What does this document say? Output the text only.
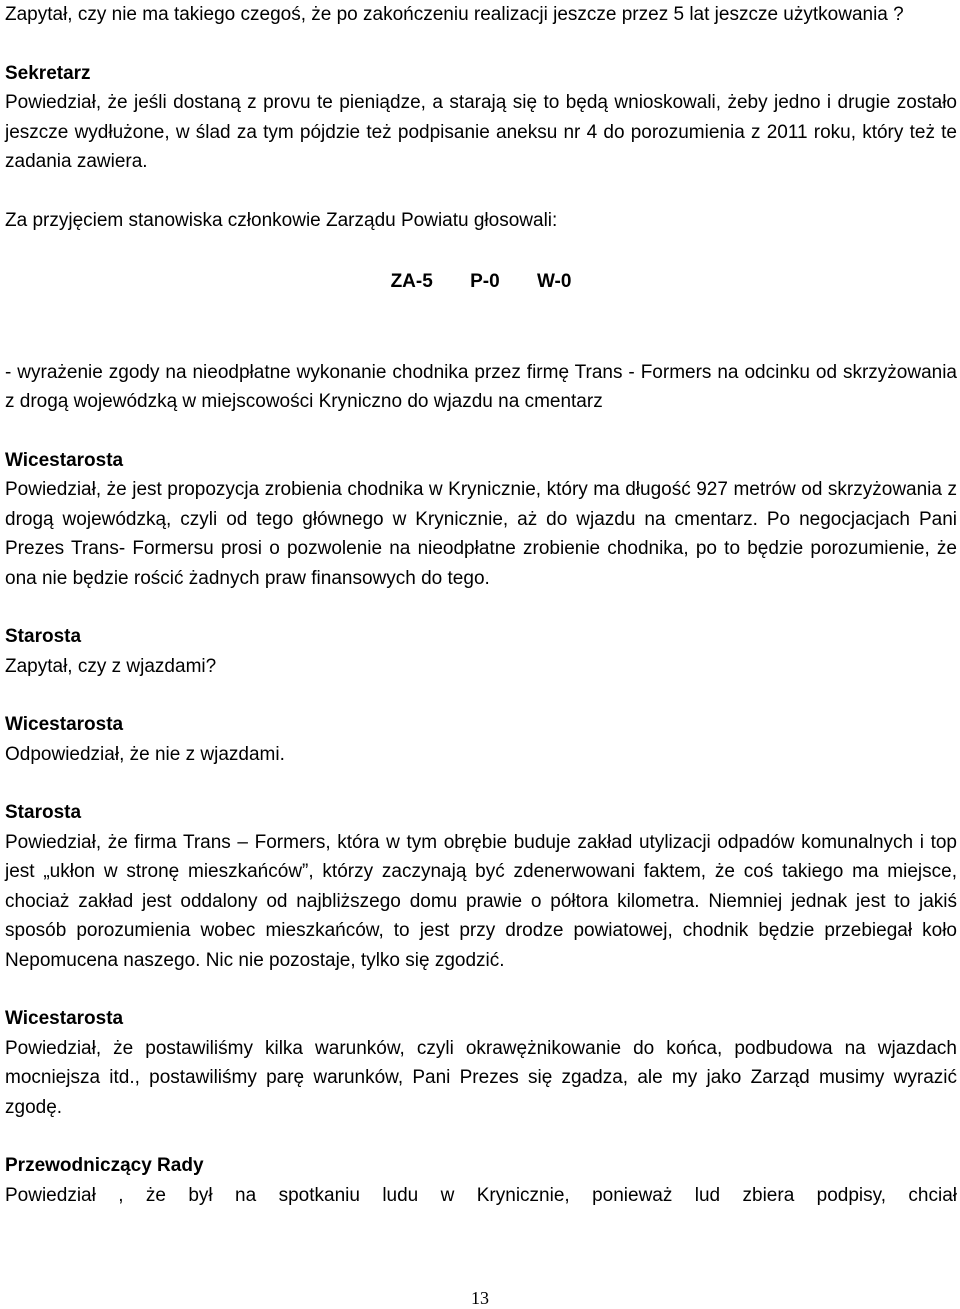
Zapytał, czy nie ma takiego czegoś, że po zakończeniu realizacji jeszcze przez 5 lat jeszcze użytkowania ?

Sekretarz

Powiedział, że jeśli dostaną z provu te pieniądze, a starają się to będą wnioskowali, żeby jedno i drugie zostało jeszcze wydłużone, w ślad za tym pójdzie też podpisanie aneksu nr 4 do porozumienia z 2011 roku, który też te zadania zawiera.

Za przyjęciem stanowiska członkowie Zarządu Powiatu głosowali:

ZA-5 P-0 W-0

- wyrażenie zgody na nieodpłatne wykonanie chodnika przez firmę Trans - Formers na odcinku od skrzyżowania z drogą wojewódzką w miejscowości Kryniczno do wjazdu na cmentarz

Wicestarosta

Powiedział, że jest propozycja zrobienia chodnika w Krynicznie, który ma długość 927 metrów od skrzyżowania z drogą wojewódzką, czyli od tego głównego w Krynicznie, aż do wjazdu na cmentarz. Po negocjacjach Pani Prezes Trans- Formersu prosi o pozwolenie na nieodpłatne zrobienie chodnika, po to będzie porozumienie, że ona nie będzie rościć żadnych praw finansowych do tego.

Starosta

Zapytał, czy z wjazdami?

Wicestarosta

Odpowiedział, że nie z wjazdami.

Starosta

Powiedział, że firma Trans – Formers, która w tym obrębie buduje zakład utylizacji odpadów komunalnych i top jest „ukłon w stronę mieszkańców”, którzy zaczynają być zdenerwowani faktem, że coś takiego ma miejsce, chociaż zakład jest oddalony od najbliższego domu prawie o półtora kilometra. Niemniej jednak jest to jakiś sposób porozumienia wobec mieszkańców, to jest przy drodze powiatowej, chodnik będzie przebiegał koło Nepomucena naszego. Nic nie pozostaje, tylko się zgodzić.

Wicestarosta

Powiedział, że postawiliśmy kilka warunków, czyli okrawężnikowanie do końca, podbudowa na wjazdach mocniejsza itd., postawiliśmy parę warunków, Pani Prezes się zgadza, ale my jako Zarząd musimy wyrazić zgodę.

Przewodniczący Rady

Powiedział , że był na spotkaniu ludu w Krynicznie, ponieważ lud zbiera podpisy, chciał

13
